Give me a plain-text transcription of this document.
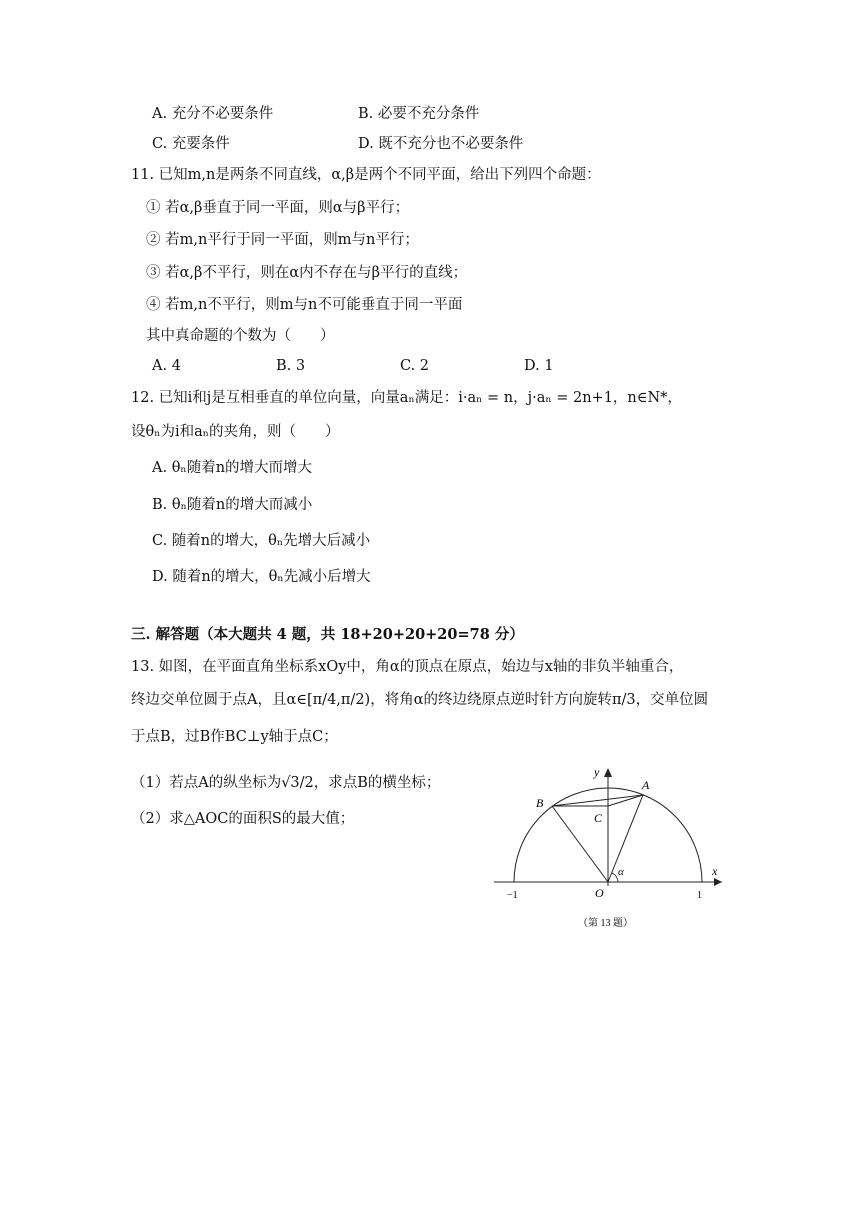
A. 充分不必要条件	B. 必要不充分条件
C. 充要条件	D. 既不充分也不必要条件
11. 已知m,n是两条不同直线，α,β是两个不同平面，给出下列四个命题：
① 若α,β垂直于同一平面，则α与β平行；
② 若m,n平行于同一平面，则m与n平行；
③ 若α,β不平行，则在α内不存在与β平行的直线；
④ 若m,n不平行，则m与n不可能垂直于同一平面
其中真命题的个数为（　　）
A. 4	B. 3	C. 2	D. 1
12. 已知i和j是互相垂直的单位向量，向量aₙ满足：i·aₙ = n，j·aₙ = 2n+1，n∈N*，
设θₙ为i和aₙ的夹角，则（　　）
A. θₙ随着n的增大而增大
B. θₙ随着n的增大而减小
C. 随着n的增大，θₙ先增大后减小
D. 随着n的增大，θₙ先减小后增大
三. 解答题（本大题共 4 题，共 18+20+20+20=78 分）
13. 如图，在平面直角坐标系xOy中，角α的顶点在原点，始边与x轴的非负半轴重合，
终边交单位圆于点A，且α∈[π/4,π/2)，将角α的终边绕原点逆时针方向旋转π/3，交单位圆
于点B，过B作BC⊥y轴于点C；
（1）若点A的纵坐标为√3/2，求点B的横坐标；
（2）求△AOC的面积S的最大值；
y
x
A
B
C
O
α
−1	1
（第 13 题）
